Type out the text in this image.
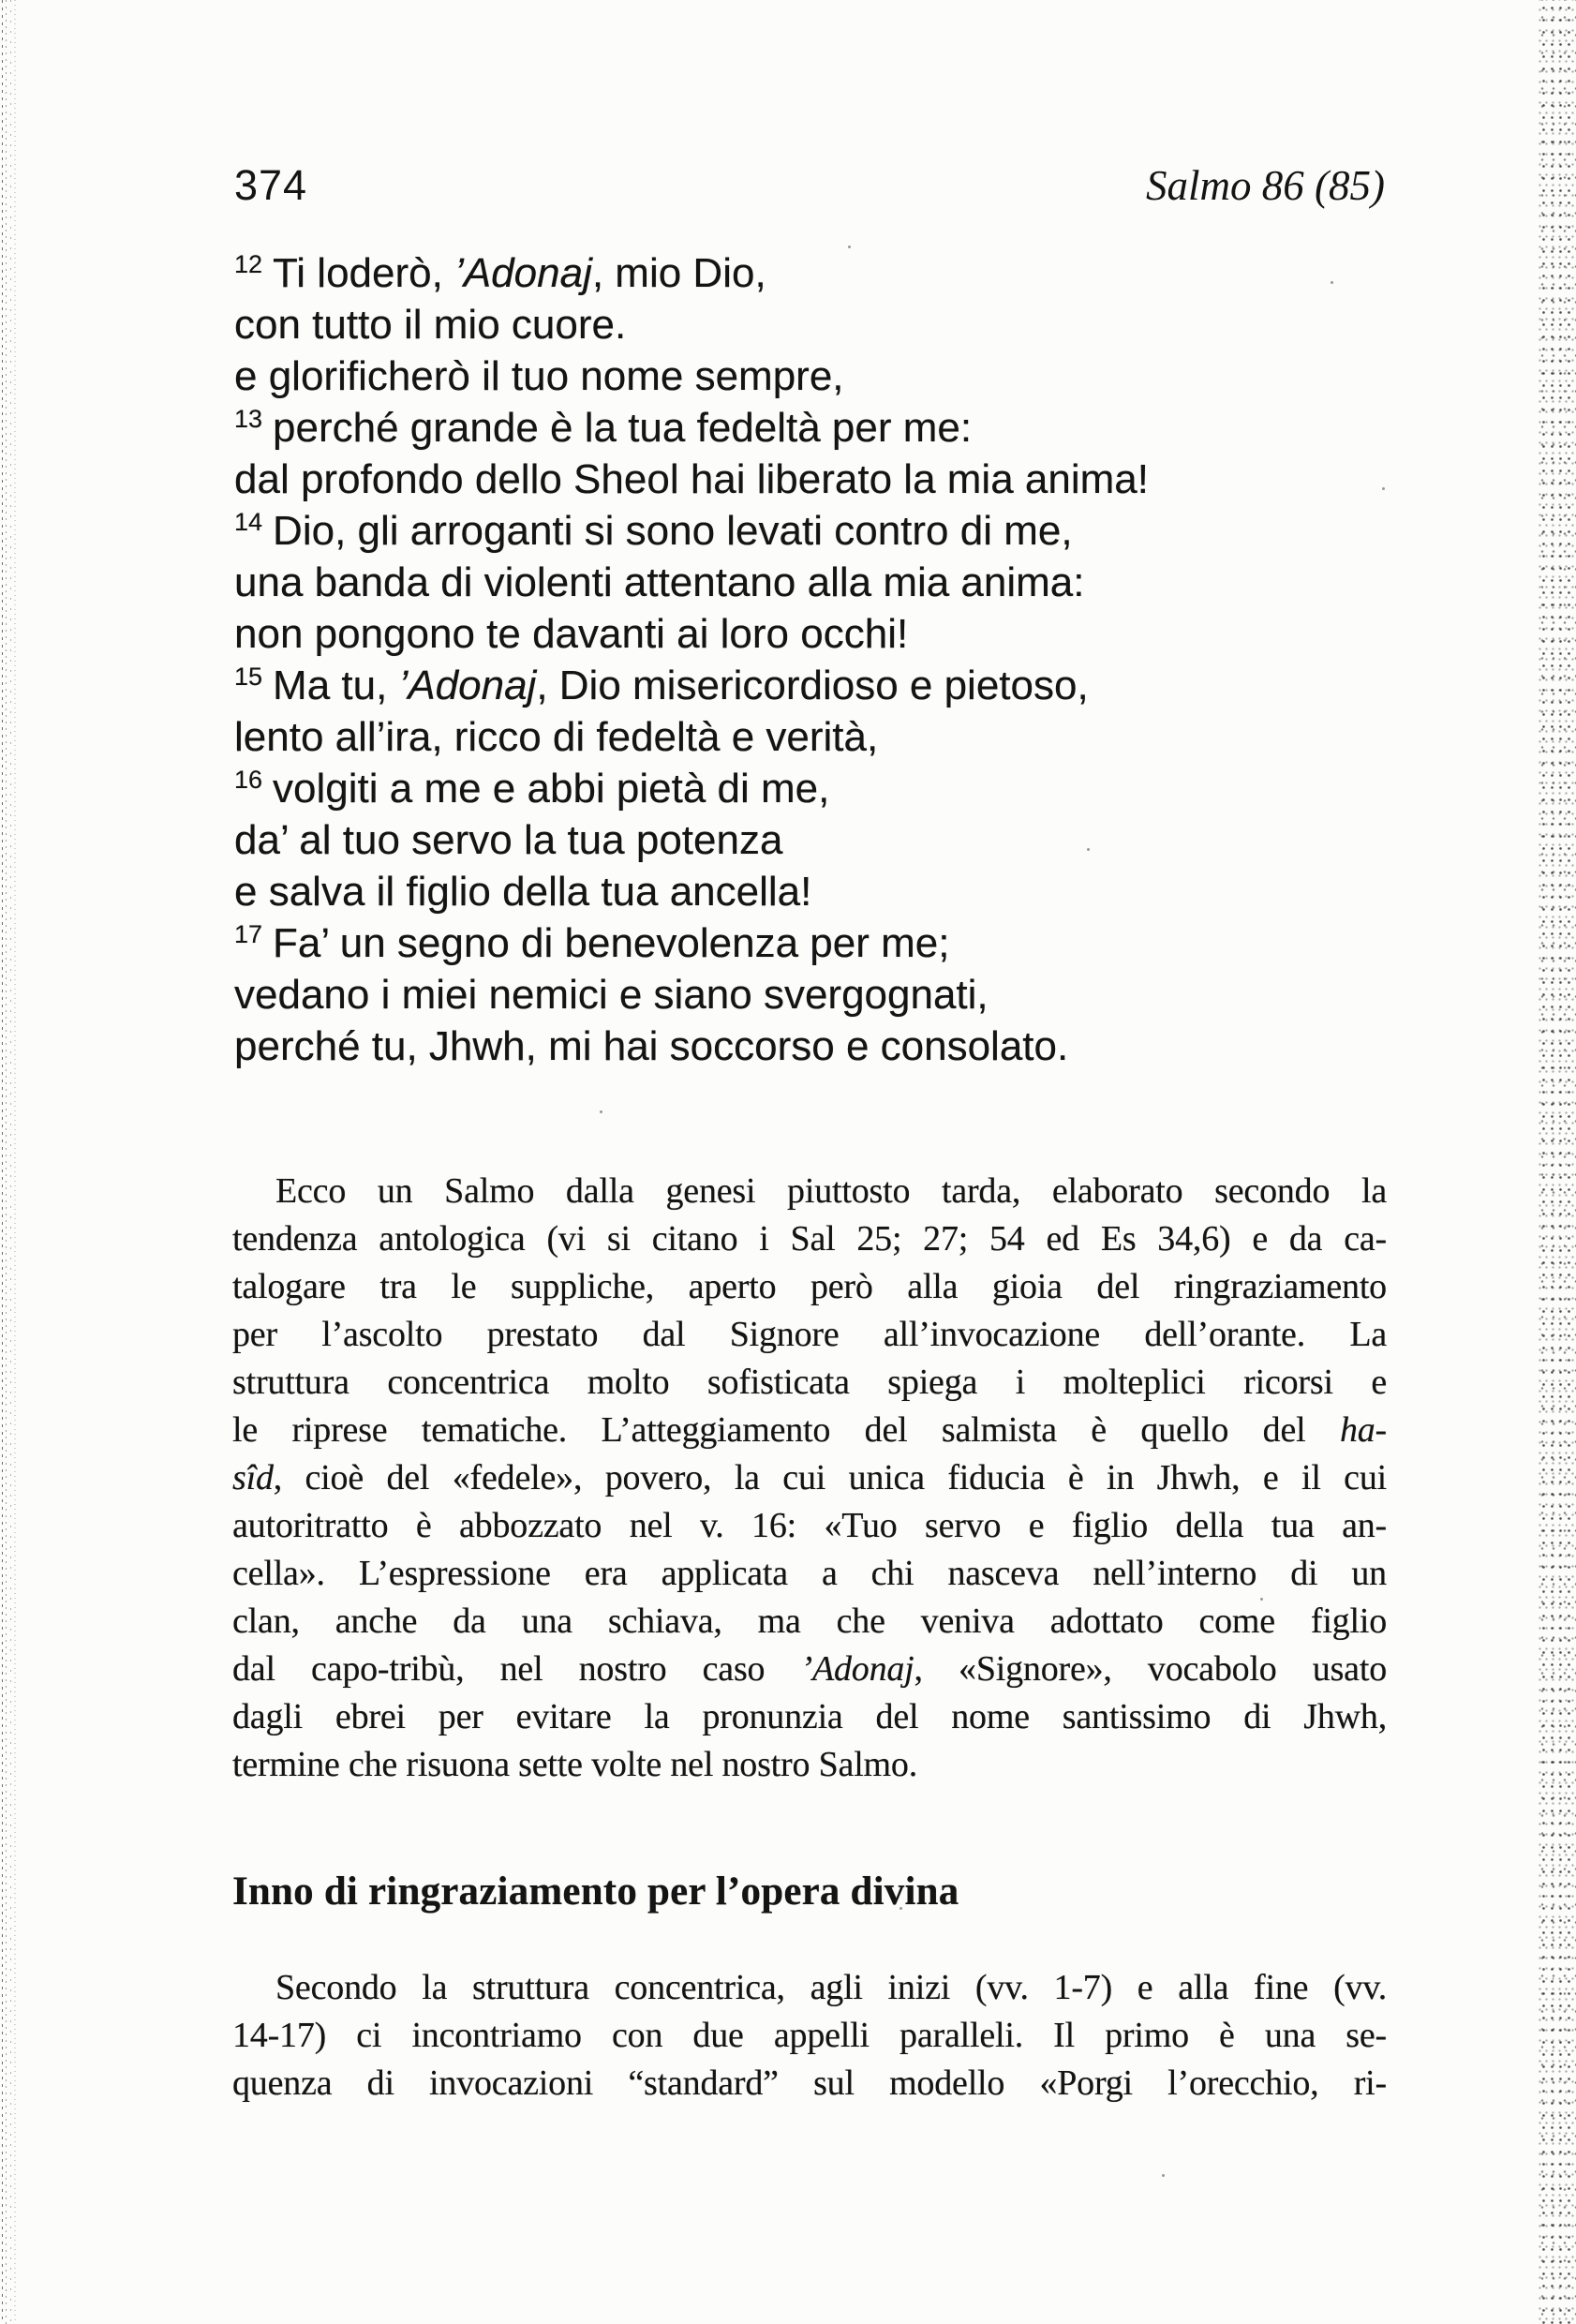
374	Salmo 86 (85)
$^{12}$ Ti loderò, ’Adonaj, mio Dio,
con tutto il mio cuore.
e glorificherò il tuo nome sempre,
$^{13}$ perché grande è la tua fedeltà per me:
dal profondo dello Sheol hai liberato la mia anima!
$^{14}$ Dio, gli arroganti si sono levati contro di me,
una banda di violenti attentano alla mia anima:
non pongono te davanti ai loro occhi!
$^{15}$ Ma tu, ’Adonaj, Dio misericordioso e pietoso,
lento all’ira, ricco di fedeltà e verità,
$^{16}$ volgiti a me e abbi pietà di me,
da’ al tuo servo la tua potenza
e salva il figlio della tua ancella!
$^{17}$ Fa’ un segno di benevolenza per me;
vedano i miei nemici e siano svergognati,
perché tu, Jhwh, mi hai soccorso e consolato.
Ecco un Salmo dalla genesi piuttosto tarda, elaborato secondo la
tendenza antologica (vi si citano i Sal 25; 27; 54 ed Es 34,6) e da ca-
talogare tra le suppliche, aperto però alla gioia del ringraziamento
per l’ascolto prestato dal Signore all’invocazione dell’orante. La
struttura concentrica molto sofisticata spiega i molteplici ricorsi e
le riprese tematiche. L’atteggiamento del salmista è quello del ha-
sîd, cioè del «fedele», povero, la cui unica fiducia è in Jhwh, e il cui
autoritratto è abbozzato nel v. 16: «Tuo servo e figlio della tua an-
cella». L’espressione era applicata a chi nasceva nell’interno di un
clan, anche da una schiava, ma che veniva adottato come figlio
dal capo-tribù, nel nostro caso ’Adonaj, «Signore», vocabolo usato
dagli ebrei per evitare la pronunzia del nome santissimo di Jhwh,
termine che risuona sette volte nel nostro Salmo.
Inno di ringraziamento per l’opera divina
Secondo la struttura concentrica, agli inizi (vv. 1-7) e alla fine (vv.
14-17) ci incontriamo con due appelli paralleli. Il primo è una se-
quenza di invocazioni “standard” sul modello «Porgi l’orecchio, ri-
